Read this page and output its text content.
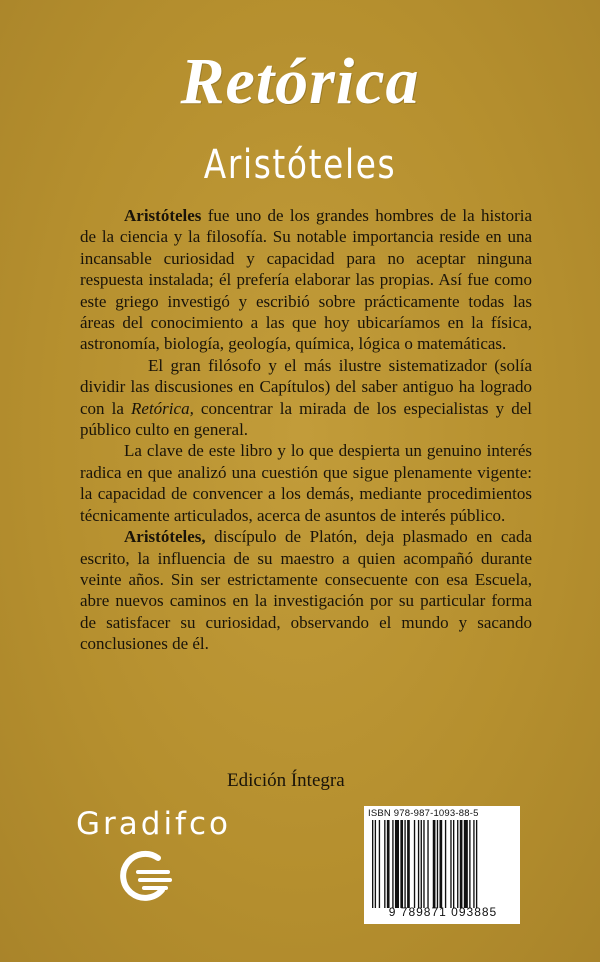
Retórica
Aristóteles

Aristóteles fue uno de los grandes hombres de la historia de la ciencia y la filosofía. Su notable importancia reside en una incansable curiosidad y capacidad para no aceptar ninguna respuesta instalada; él prefería elaborar las propias. Así fue como este griego investigó y escribió sobre prácticamente todas las áreas del conocimiento a las que hoy ubicaríamos en la física, astronomía, biología, geología, química, lógica o matemáticas.

El gran filósofo y el más ilustre sistematizador (solía dividir las discusiones en Capítulos) del saber antiguo ha logrado con la Retórica, concentrar la mirada de los especialistas y del público culto en general.

La clave de este libro y lo que despierta un genuino interés radica en que analizó una cuestión que sigue plenamente vigente: la capacidad de convencer a los demás, mediante procedimientos técnicamente articulados, acerca de asuntos de interés público.

Aristóteles, discípulo de Platón, deja plasmado en cada escrito, la influencia de su maestro a quien acompañó durante veinte años. Sin ser estrictamente consecuente con esa Escuela, abre nuevos caminos en la investigación por su particular forma de satisfacer su curiosidad, observando el mundo y sacando conclusiones de él.

Edición Íntegra
Gradifco	ISBN 978-987-1093-88-5
9 789871 093885
